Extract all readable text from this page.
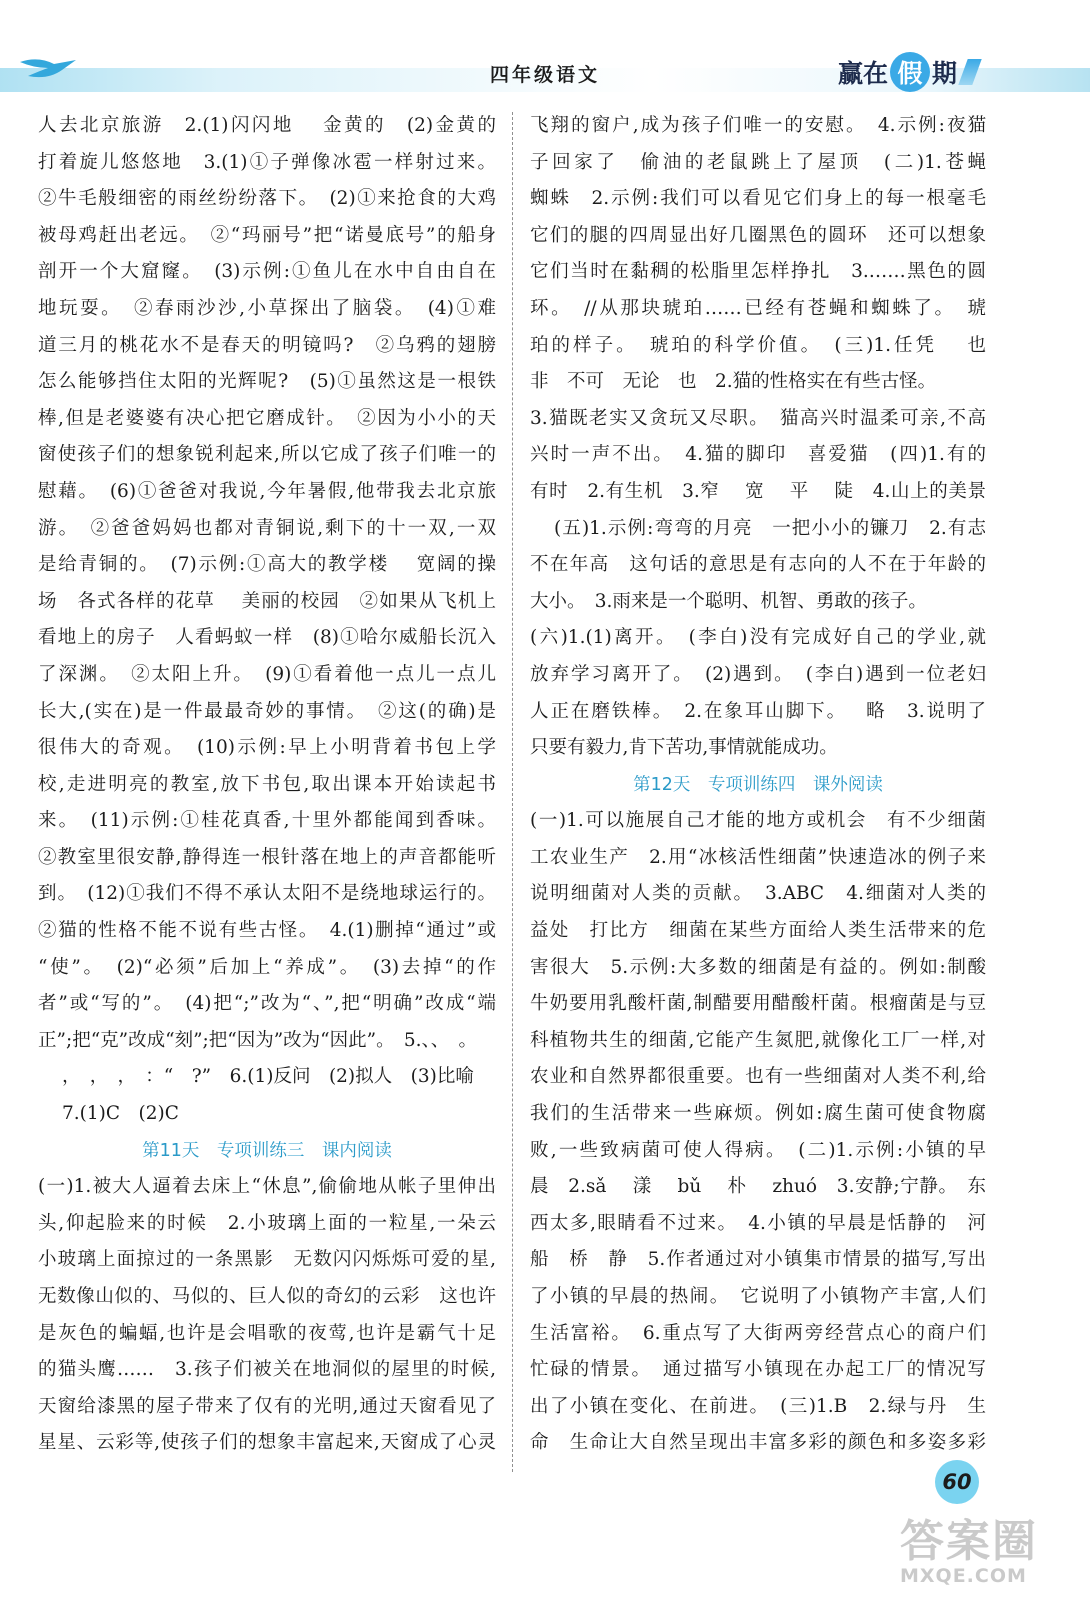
四年级语文	赢 在 假 期
人去北京旅游　2.(1)闪闪地　 金黄的　(2)金黄的
打着旋儿悠悠地　3.(1)①子弹像冰雹一样射过来。
②牛毛般细密的雨丝纷纷落下。　(2)①来抢食的大鸡
被母鸡赶出老远。　②“玛丽号”把“诺曼底号”的船身
剖开一个大窟窿。　(3)示例:①鱼儿在水中自由自在
地玩耍。　②春雨沙沙,小草探出了脑袋。　(4)①难
道三月的桃花水不是春天的明镜吗?　②乌鸦的翅膀
怎么能够挡住太阳的光辉呢?　(5)①虽然这是一根铁
棒,但是老婆婆有决心把它磨成针。　②因为小小的天
窗使孩子们的想象锐利起来,所以它成了孩子们唯一的
慰藉。　(6)①爸爸对我说,今年暑假,他带我去北京旅
游。　②爸爸妈妈也都对青铜说,剩下的十一双,一双
是给青铜的。　(7)示例:①高大的教学楼　 宽阔的操
场　各式各样的花草　 美丽的校园　②如果从飞机上
看地上的房子　人看蚂蚁一样　(8)①哈尔威船长沉入
了深渊。　②太阳上升。　(9)①看着他一点儿一点儿
长大,(实在)是一件最最奇妙的事情。　②这(的确)是
很伟大的奇观。　(10)示例:早上小明背着书包上学
校,走进明亮的教室,放下书包,取出课本开始读起书
来。　(11)示例:①桂花真香,十里外都能闻到香味。
②教室里很安静,静得连一根针落在地上的声音都能听
到。　(12)①我们不得不承认太阳不是绕地球运行的。
②猫的性格不能不说有些古怪。　4.(1)删掉“通过”或
“使”。　(2)“必须”后加上“养成”。　(3)去掉“的作
者”或“写的”。　(4)把“;”改为“、”,把“明确”改成“端
正”;把“克”改成“刻”;把“因为”改为“因此”。　5.、、　。
，　，　，　：“　?”　6.(1)反问　(2)拟人　(3)比喻
7.(1)C　(2)C
第11天　专项训练三　课内阅读
(一)1.被大人逼着去床上“休息”,偷偷地从帐子里伸出
头,仰起脸来的时候　2.小玻璃上面的一粒星,一朵云
小玻璃上面掠过的一条黑影　无数闪闪烁烁可爱的星,
无数像山似的、马似的、巨人似的奇幻的云彩　这也许
是灰色的蝙蝠,也许是会唱歌的夜莺,也许是霸气十足
的猫头鹰……　3.孩子们被关在地洞似的屋里的时候,
天窗给漆黑的屋子带来了仅有的光明,通过天窗看见了
星星、云彩等,使孩子们的想象丰富起来,天窗成了心灵
飞翔的窗户,成为孩子们唯一的安慰。　4.示例:夜猫
子回家了　偷油的老鼠跳上了屋顶　(二)1.苍蝇
蜘蛛　2.示例:我们可以看见它们身上的每一根毫毛
它们的腿的四周显出好几圈黑色的圆环　还可以想象
它们当时在黏稠的松脂里怎样挣扎　3.……黑色的圆
环。　//从那块琥珀……已经有苍蝇和蜘蛛了。　琥
珀的样子。　琥珀的科学价值。　(三)1.任凭　 也
非　不可　无论　也　2.猫的性格实在有些古怪。
3.猫既老实又贪玩又尽职。　猫高兴时温柔可亲,不高
兴时一声不出。　4.猫的脚印　喜爱猫　(四)1.有的
有时　2.有生机　3.窄　 宽　 平　 陡　4.山上的美景
(五)1.示例:弯弯的月亮　一把小小的镰刀　2.有志
不在年高　这句话的意思是有志向的人不在于年龄的
大小。　3.雨来是一个聪明、机智、勇敢的孩子。
(六)1.(1)离开。　(李白)没有完成好自己的学业,就
放弃学习离开了。　(2)遇到。　(李白)遇到一位老妇
人正在磨铁棒。　2.在象耳山脚下。　 略　3.说明了
只要有毅力,肯下苦功,事情就能成功。
第12天　专项训练四　课外阅读
(一)1.可以施展自己才能的地方或机会　有不少细菌
工农业生产　2.用“冰核活性细菌”快速造冰的例子来
说明细菌对人类的贡献。　3.ABC　4.细菌对人类的
益处　打比方　细菌在某些方面给人类生活带来的危
害很大　5.示例:大多数的细菌是有益的。例如:制酸
牛奶要用乳酸杆菌,制醋要用醋酸杆菌。根瘤菌是与豆
科植物共生的细菌,它能产生氮肥,就像化工厂一样,对
农业和自然界都很重要。也有一些细菌对人类不利,给
我们的生活带来一些麻烦。例如:腐生菌可使食物腐
败,一些致病菌可使人得病。　(二)1.示例:小镇的早
晨　2.sǎ　 漾　 bǔ　 朴　 zhuó　3.安静;宁静。　东
西太多,眼睛看不过来。　4.小镇的早晨是恬静的　河
船　桥　静　5.作者通过对小镇集市情景的描写,写出
了小镇的早晨的热闹。　它说明了小镇物产丰富,人们
生活富裕。　6.重点写了大街两旁经营点心的商户们
忙碌的情景。　通过描写小镇现在办起工厂的情况写
出了小镇在变化、在前进。　(三)1.B　2.绿与丹　生
命　生命让大自然呈现出丰富多彩的颜色和多姿多彩
60
答案圈
MXQE.COM
